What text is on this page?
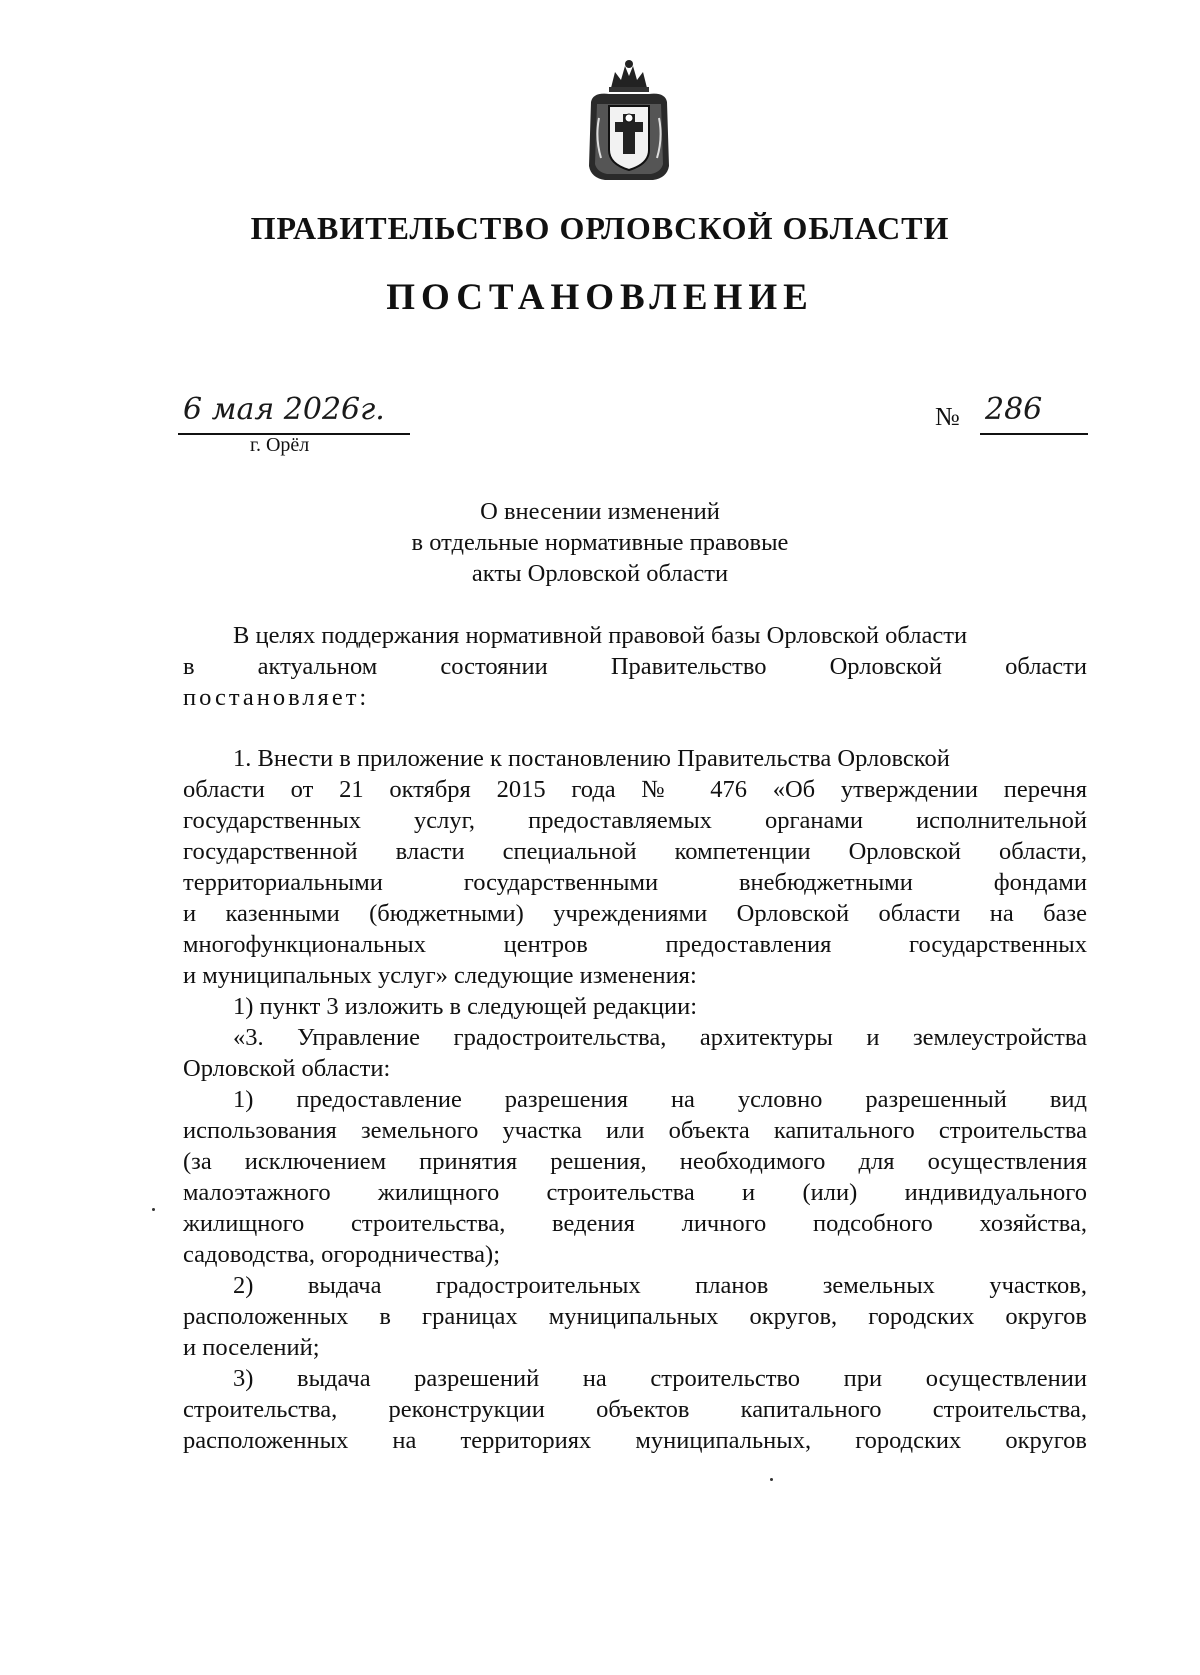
ПРАВИТЕЛЬСТВО ОРЛОВСКОЙ ОБЛАСТИ
ПОСТАНОВЛЕНИЕ
6 мая 2026г.
г. Орёл
№ 286
О внесении изменений
в отдельные нормативные правовые
акты Орловской области
В целях поддержания нормативной правовой базы Орловской области
в актуальном состоянии Правительство Орловской области
постановляет:
1. Внести в приложение к постановлению Правительства Орловской
области от 21 октября 2015 года № 476 «Об утверждении перечня
государственных услуг, предоставляемых органами исполнительной
государственной власти специальной компетенции Орловской области,
территориальными государственными внебюджетными фондами
и казенными (бюджетными) учреждениями Орловской области на базе
многофункциональных центров предоставления государственных
и муниципальных услуг» следующие изменения:
1) пункт 3 изложить в следующей редакции:
«3. Управление градостроительства, архитектуры и землеустройства
Орловской области:
1) предоставление разрешения на условно разрешенный вид
использования земельного участка или объекта капитального строительства
(за исключением принятия решения, необходимого для осуществления
малоэтажного жилищного строительства и (или) индивидуального
жилищного строительства, ведения личного подсобного хозяйства,
садоводства, огородничества);
2) выдача градостроительных планов земельных участков,
расположенных в границах муниципальных округов, городских округов
и поселений;
3) выдача разрешений на строительство при осуществлении
строительства, реконструкции объектов капитального строительства,
расположенных на территориях муниципальных, городских округов
